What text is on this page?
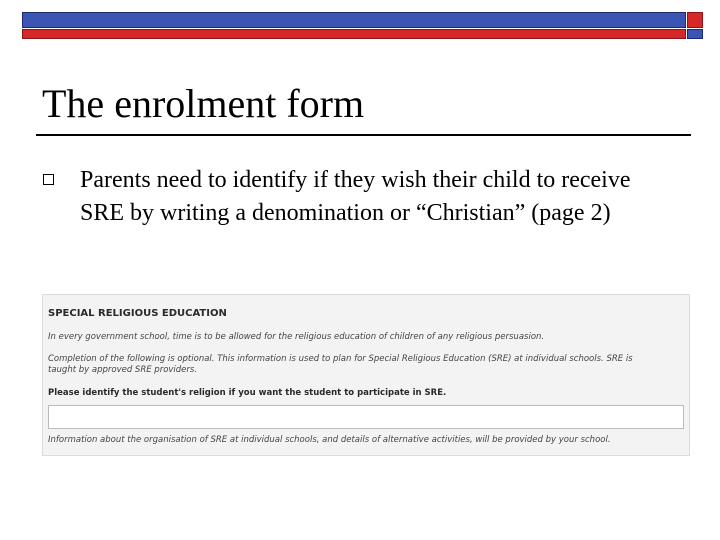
The enrolment form

Parents need to identify if they wish their child to receive SRE by writing a denomination or “Christian” (page 2)

SPECIAL RELIGIOUS EDUCATION

In every government school, time is to be allowed for the religious education of children of any religious persuasion.

Completion of the following is optional. This information is used to plan for Special Religious Education (SRE) at individual schools. SRE is taught by approved SRE providers.

Please identify the student's religion if you want the student to participate in SRE.

Information about the organisation of SRE at individual schools, and details of alternative activities, will be provided by your school.
